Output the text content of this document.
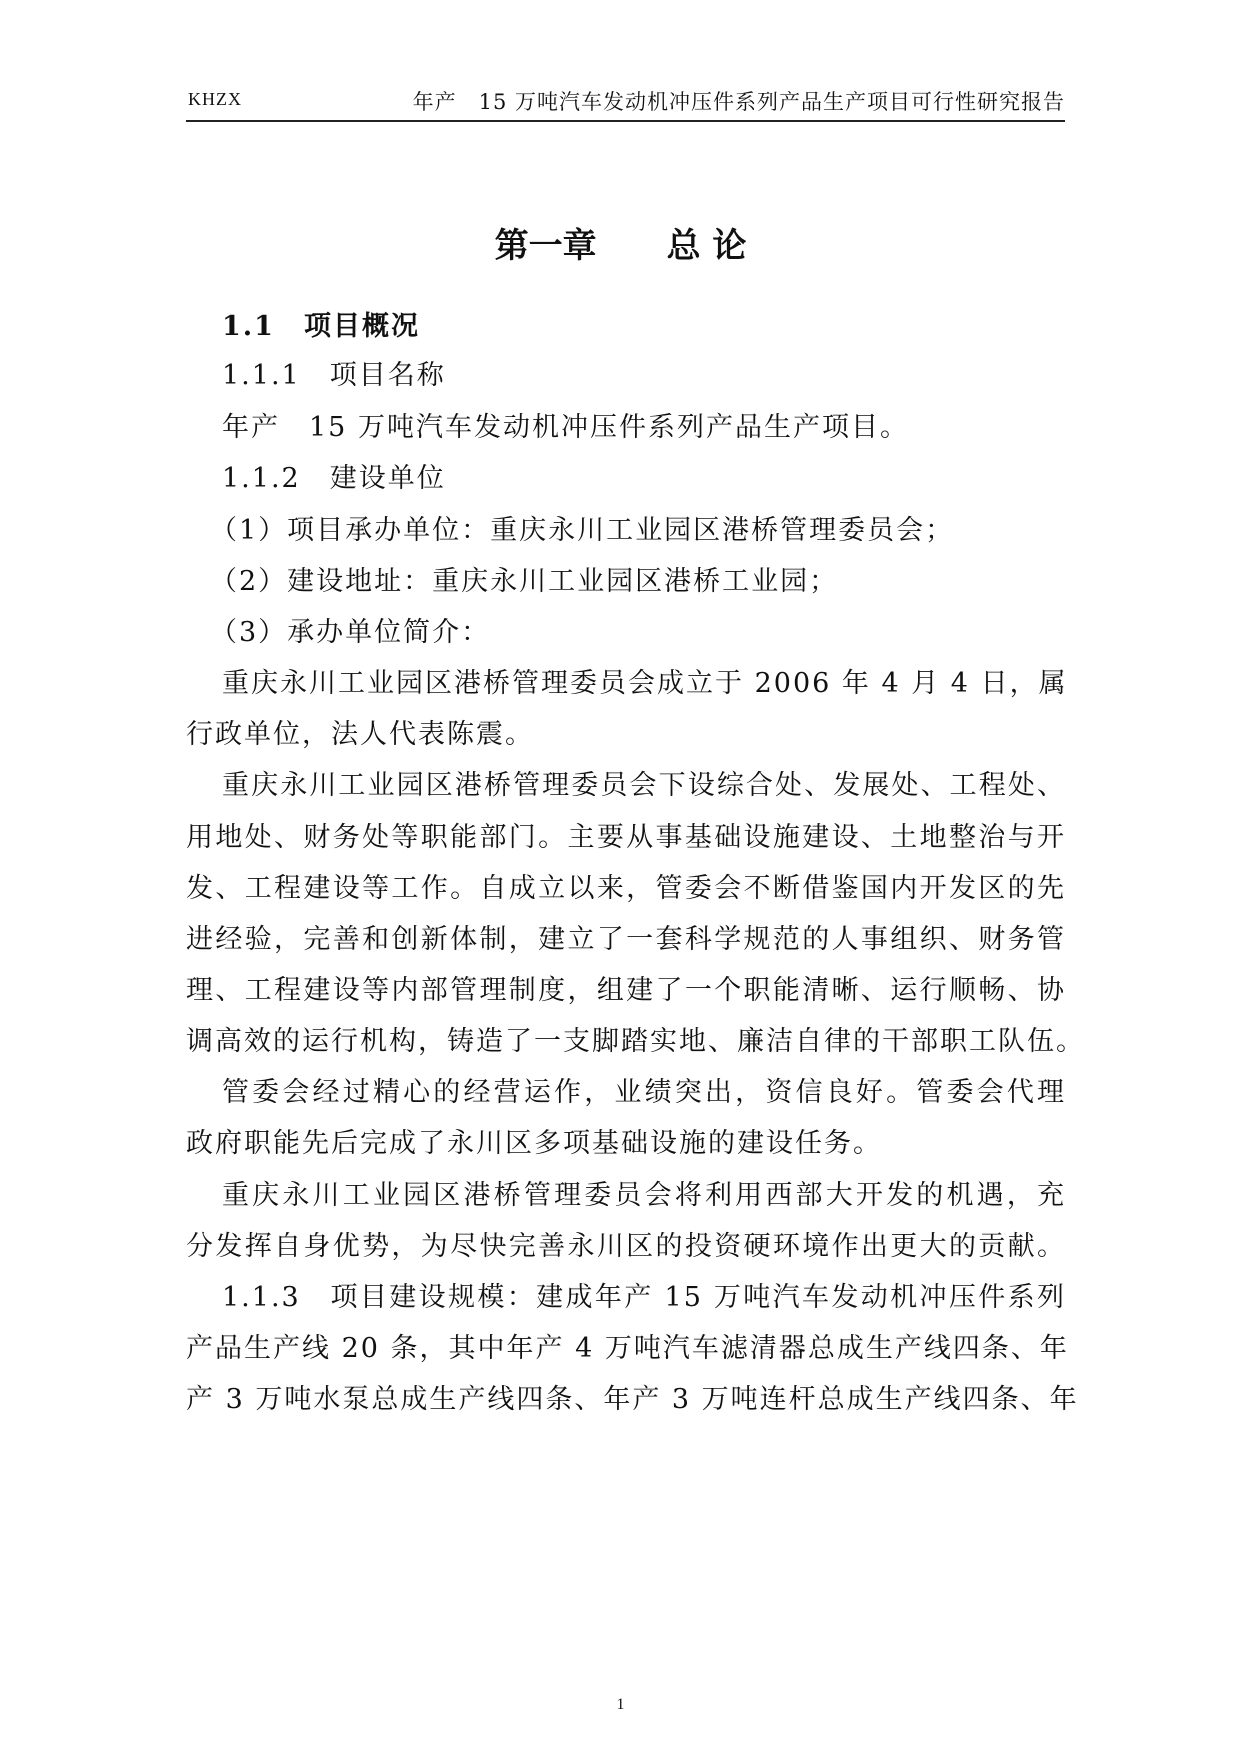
KHZX	年产　15 万吨汽车发动机冲压件系列产品生产项目可行性研究报告
第一章 总 论
1.1　项目概况
1.1.1　项目名称
年产　15 万吨汽车发动机冲压件系列产品生产项目。
1.1.2　建设单位
（1）项目承办单位：重庆永川工业园区港桥管理委员会；
（2）建设地址：重庆永川工业园区港桥工业园；
（3）承办单位简介：
重庆永川工业园区港桥管理委员会成立于 2006 年 4 月 4 日，属
行政单位，法人代表陈震。
重庆永川工业园区港桥管理委员会下设综合处、发展处、工程处、
用地处、财务处等职能部门。主要从事基础设施建设、土地整治与开
发、工程建设等工作。自成立以来，管委会不断借鉴国内开发区的先
进经验，完善和创新体制，建立了一套科学规范的人事组织、财务管
理、工程建设等内部管理制度，组建了一个职能清晰、运行顺畅、协
调高效的运行机构，铸造了一支脚踏实地、廉洁自律的干部职工队伍。
管委会经过精心的经营运作，业绩突出，资信良好。管委会代理
政府职能先后完成了永川区多项基础设施的建设任务。
重庆永川工业园区港桥管理委员会将利用西部大开发的机遇，充
分发挥自身优势，为尽快完善永川区的投资硬环境作出更大的贡献。
1.1.3　项目建设规模：建成年产 15 万吨汽车发动机冲压件系列
产品生产线 20 条，其中年产 4 万吨汽车滤清器总成生产线四条、年
产 3 万吨水泵总成生产线四条、年产 3 万吨连杆总成生产线四条、年
1
